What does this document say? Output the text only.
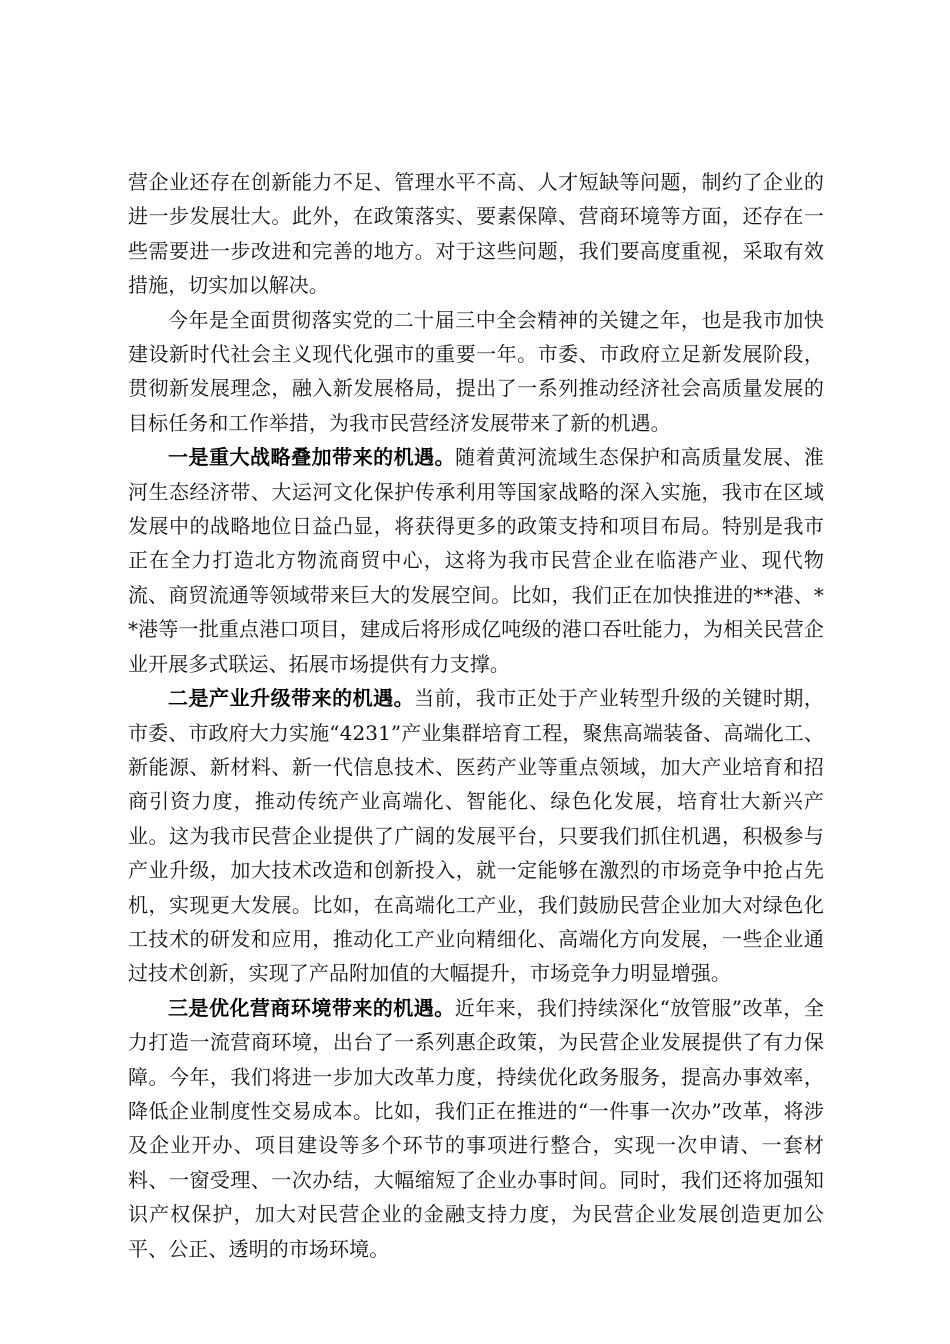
营企业还存在创新能力不足、管理水平不高、人才短缺等问题，制约了企业的进一步发展壮大。此外，在政策落实、要素保障、营商环境等方面，还存在一些需要进一步改进和完善的地方。对于这些问题，我们要高度重视，采取有效措施，切实加以解决。

今年是全面贯彻落实党的二十届三中全会精神的关键之年，也是我市加快建设新时代社会主义现代化强市的重要一年。市委、市政府立足新发展阶段，贯彻新发展理念，融入新发展格局，提出了一系列推动经济社会高质量发展的目标任务和工作举措，为我市民营经济发展带来了新的机遇。

一是重大战略叠加带来的机遇。随着黄河流域生态保护和高质量发展、淮河生态经济带、大运河文化保护传承利用等国家战略的深入实施，我市在区域发展中的战略地位日益凸显，将获得更多的政策支持和项目布局。特别是我市正在全力打造北方物流商贸中心，这将为我市民营企业在临港产业、现代物流、商贸流通等领域带来巨大的发展空间。比如，我们正在加快推进的**港、**港等一批重点港口项目，建成后将形成亿吨级的港口吞吐能力，为相关民营企业开展多式联运、拓展市场提供有力支撑。

二是产业升级带来的机遇。当前，我市正处于产业转型升级的关键时期，市委、市政府大力实施“4231”产业集群培育工程，聚焦高端装备、高端化工、新能源、新材料、新一代信息技术、医药产业等重点领域，加大产业培育和招商引资力度，推动传统产业高端化、智能化、绿色化发展，培育壮大新兴产业。这为我市民营企业提供了广阔的发展平台，只要我们抓住机遇，积极参与产业升级，加大技术改造和创新投入，就一定能够在激烈的市场竞争中抢占先机，实现更大发展。比如，在高端化工产业，我们鼓励民营企业加大对绿色化工技术的研发和应用，推动化工产业向精细化、高端化方向发展，一些企业通过技术创新，实现了产品附加值的大幅提升，市场竞争力明显增强。

三是优化营商环境带来的机遇。近年来，我们持续深化“放管服”改革，全力打造一流营商环境，出台了一系列惠企政策，为民营企业发展提供了有力保障。今年，我们将进一步加大改革力度，持续优化政务服务，提高办事效率，降低企业制度性交易成本。比如，我们正在推进的“一件事一次办”改革，将涉及企业开办、项目建设等多个环节的事项进行整合，实现一次申请、一套材料、一窗受理、一次办结，大幅缩短了企业办事时间。同时，我们还将加强知识产权保护，加大对民营企业的金融支持力度，为民营企业发展创造更加公平、公正、透明的市场环境。
